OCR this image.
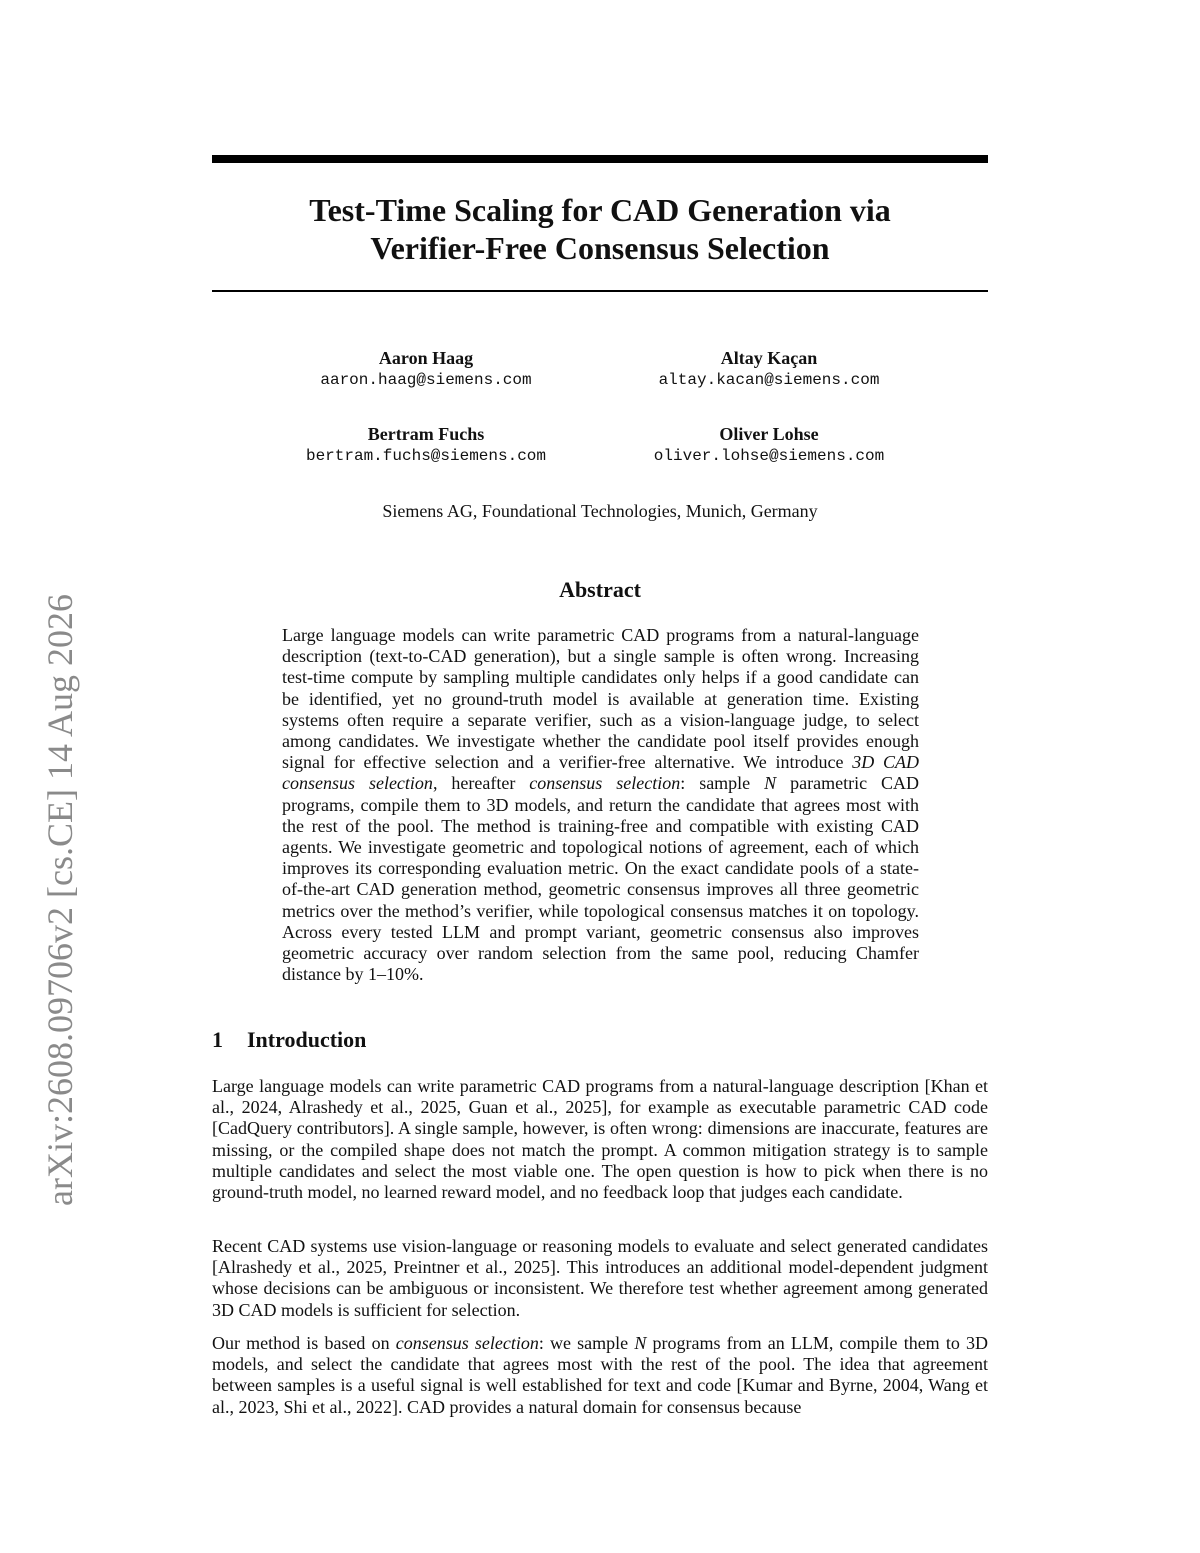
arXiv:2608.09706v2 [cs.CE] 14 Aug 2026
Test-Time Scaling for CAD Generation via
Verifier-Free Consensus Selection
Aaron Haag
aaron.haag@siemens.com
Altay Kaçan
altay.kacan@siemens.com
Bertram Fuchs
bertram.fuchs@siemens.com
Oliver Lohse
oliver.lohse@siemens.com
Siemens AG, Foundational Technologies, Munich, Germany
Abstract

Large language models can write parametric CAD programs from a natural-language description (text-to-CAD generation), but a single sample is often wrong. Increasing test-time compute by sampling multiple candidates only helps if a good candidate can be identified, yet no ground-truth model is available at generation time. Existing systems often require a separate verifier, such as a vision-language judge, to select among candidates. We investigate whether the candidate pool itself provides enough signal for effective selection and a verifier-free alternative. We introduce 3D CAD consensus selection, hereafter consensus selection: sample N parametric CAD programs, compile them to 3D models, and return the candidate that agrees most with the rest of the pool. The method is training-free and compatible with existing CAD agents. We investigate geometric and topological notions of agreement, each of which improves its corresponding evaluation metric. On the exact candidate pools of a state-of-the-art CAD generation method, geometric consensus improves all three geometric metrics over the method’s verifier, while topological consensus matches it on topology. Across every tested LLM and prompt variant, geometric consensus also improves geometric accuracy over random selection from the same pool, reducing Chamfer distance by 1–10%.

1 Introduction

Large language models can write parametric CAD programs from a natural-language description [Khan et al., 2024, Alrashedy et al., 2025, Guan et al., 2025], for example as executable parametric CAD code [CadQuery contributors]. A single sample, however, is often wrong: dimensions are inaccurate, features are missing, or the compiled shape does not match the prompt. A common mitigation strategy is to sample multiple candidates and select the most viable one. The open question is how to pick when there is no ground-truth model, no learned reward model, and no feedback loop that judges each candidate.

Recent CAD systems use vision-language or reasoning models to evaluate and select generated candidates [Alrashedy et al., 2025, Preintner et al., 2025]. This introduces an additional model-dependent judgment whose decisions can be ambiguous or inconsistent. We therefore test whether agreement among generated 3D CAD models is sufficient for selection.

Our method is based on consensus selection: we sample N programs from an LLM, compile them to 3D models, and select the candidate that agrees most with the rest of the pool. The idea that agreement between samples is a useful signal is well established for text and code [Kumar and Byrne, 2004, Wang et al., 2023, Shi et al., 2022]. CAD provides a natural domain for consensus because
